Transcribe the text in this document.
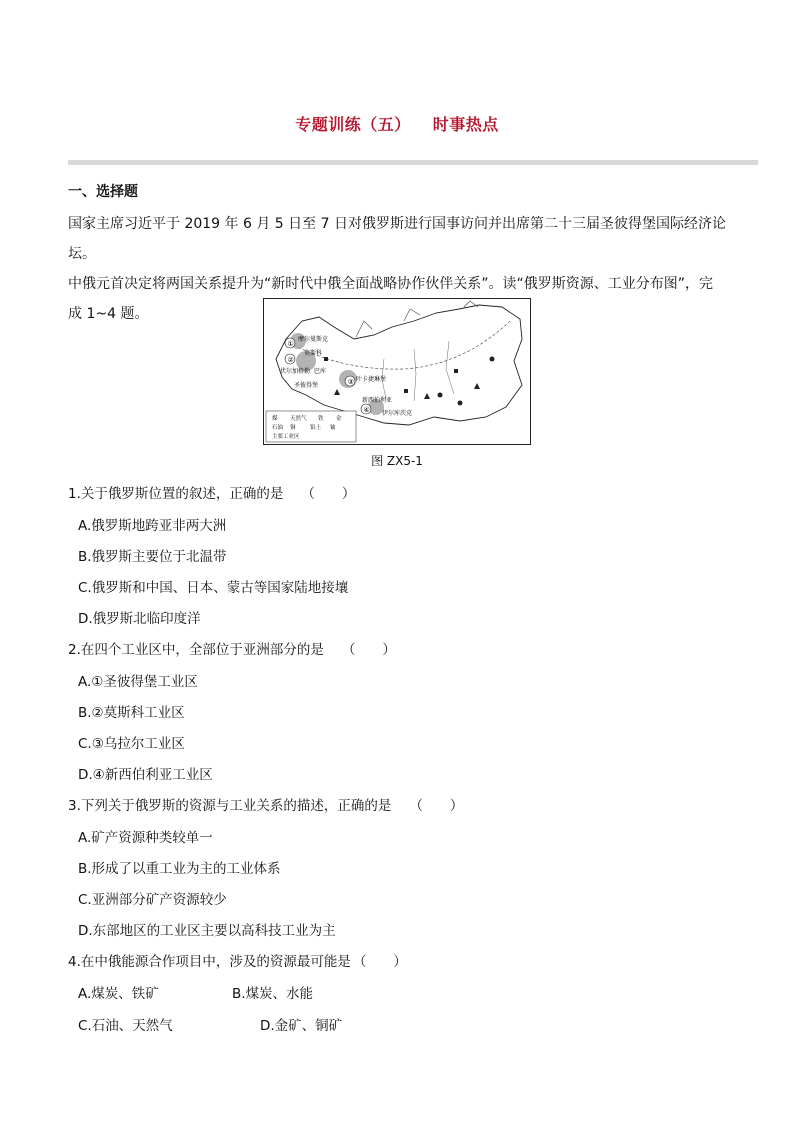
专题训练（五） 时事热点
一、选择题
国家主席习近平于 2019 年 6 月 5 日至 7 日对俄罗斯进行国事访问并出席第二十三届圣彼得堡国际经济论坛。
中俄元首决定将两国关系提升为“新时代中俄全面战略协作伙伴关系”。读“俄罗斯资源、工业分布图”，完
成 1~4 题。
①
②
③
④
摩尔曼斯克
莫斯科
伏尔加格勒 巴库
圣彼得堡
叶卡捷琳堡
新西伯利亚
伊尔库茨克
煤 天然气 铁 金
石油 铜	铝土 铀
主要工业区
图 ZX5-1
1.关于俄罗斯位置的叙述，正确的是 （　　）
A.俄罗斯地跨亚非两大洲
B.俄罗斯主要位于北温带
C.俄罗斯和中国、日本、蒙古等国家陆地接壤
D.俄罗斯北临印度洋
2.在四个工业区中，全部位于亚洲部分的是 （　　）
A.①圣彼得堡工业区
B.②莫斯科工业区
C.③乌拉尔工业区
D.④新西伯利亚工业区
3.下列关于俄罗斯的资源与工业关系的描述，正确的是 （　　）
A.矿产资源种类较单一
B.形成了以重工业为主的工业体系
C.亚洲部分矿产资源较少
D.东部地区的工业区主要以高科技工业为主
4.在中俄能源合作项目中，涉及的资源最可能是 （　　）
A.煤炭、铁矿	B.煤炭、水能
C.石油、天然气	D.金矿、铜矿
